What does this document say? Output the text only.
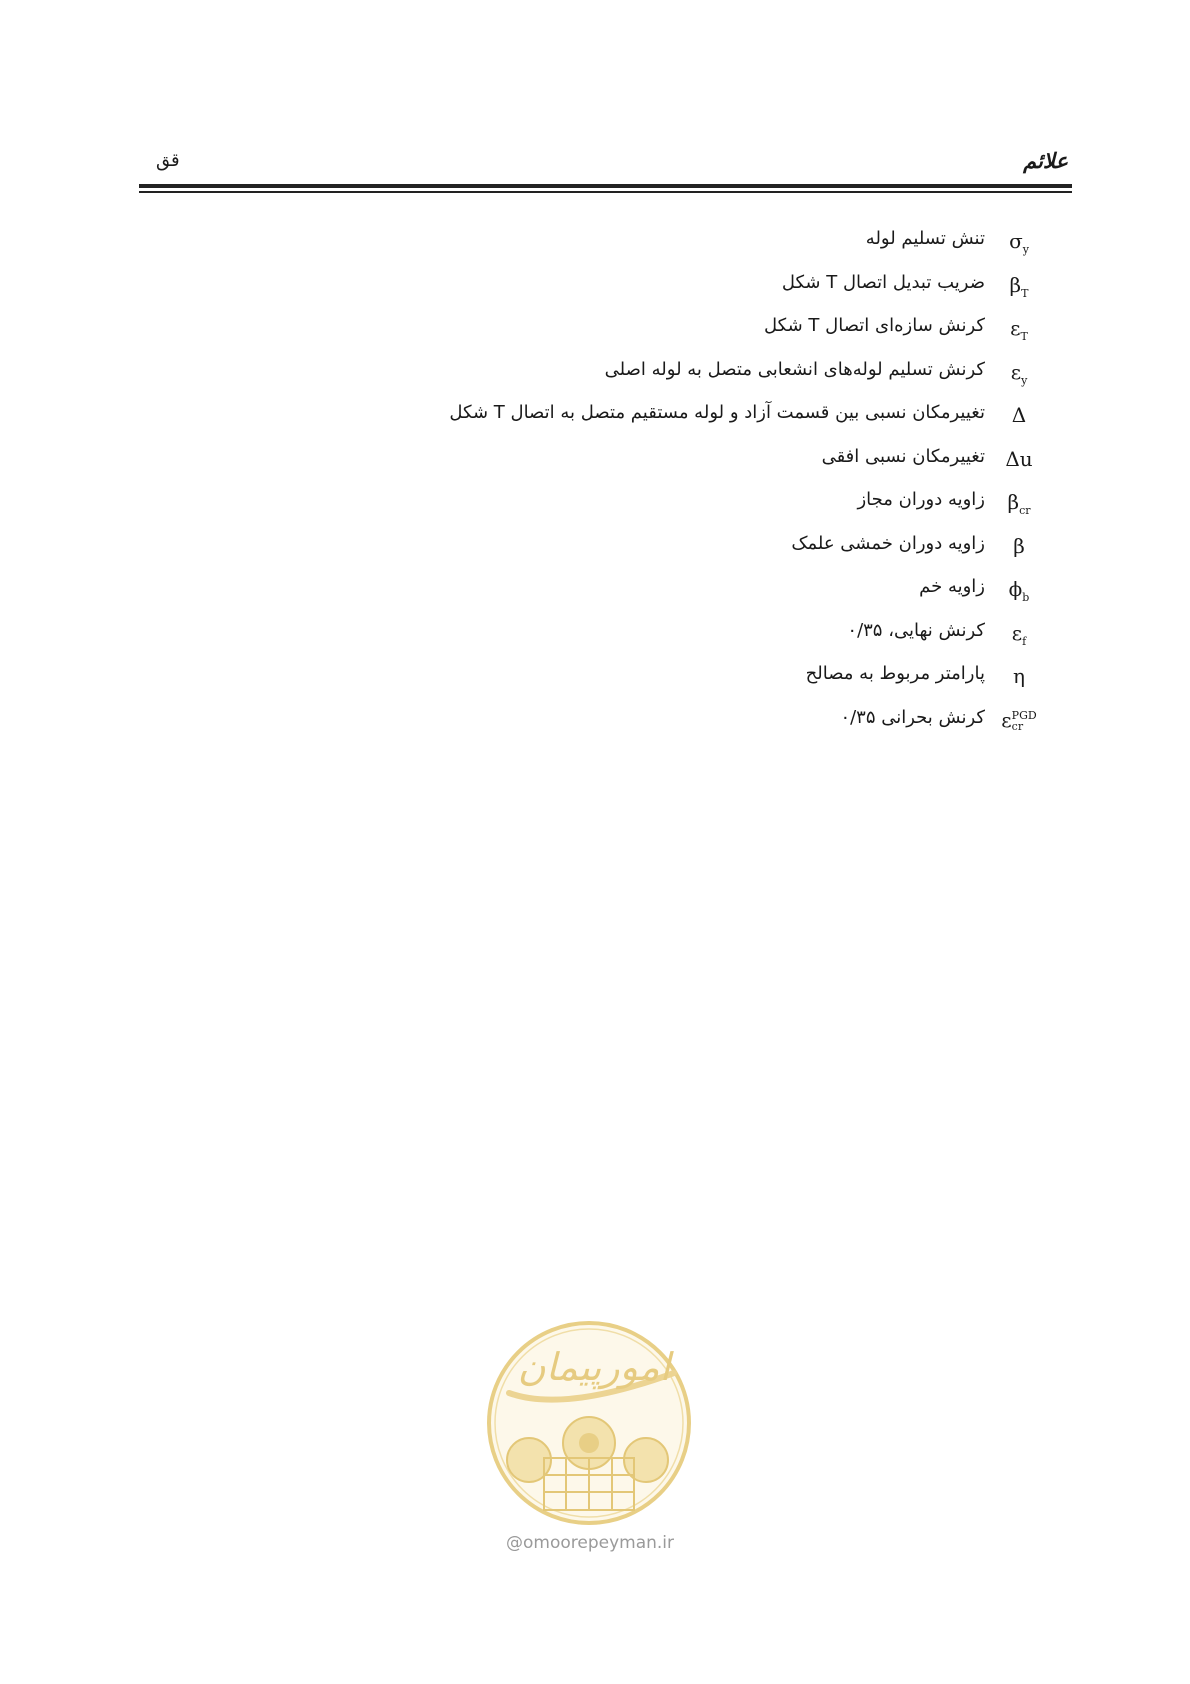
علائم
قق
$\sigma_y$
تنش تسلیم لوله
$\beta_T$
ضریب تبدیل اتصال T شکل
$\varepsilon_T$
کرنش سازه‌ای اتصال T شکل
$\varepsilon_y$
کرنش تسلیم لوله‌های انشعابی متصل به لوله اصلی
Δ
تغییرمکان نسبی بین قسمت آزاد و لوله مستقیم متصل به اتصال T شکل
Δu
تغییرمکان نسبی افقی
$\beta_{cr}$
زاویه دوران مجاز
β
زاویه دوران خمشی علمک
$\phi_b$
زاویه خم
$\varepsilon_f$
کرنش نهایی، ۰/۳۵
η
پارامتر مربوط به مصالح
ε PGD
cr
کرنش بحرانی ۰/۳۵
امورپیمان
@omoorepeyman.ir
